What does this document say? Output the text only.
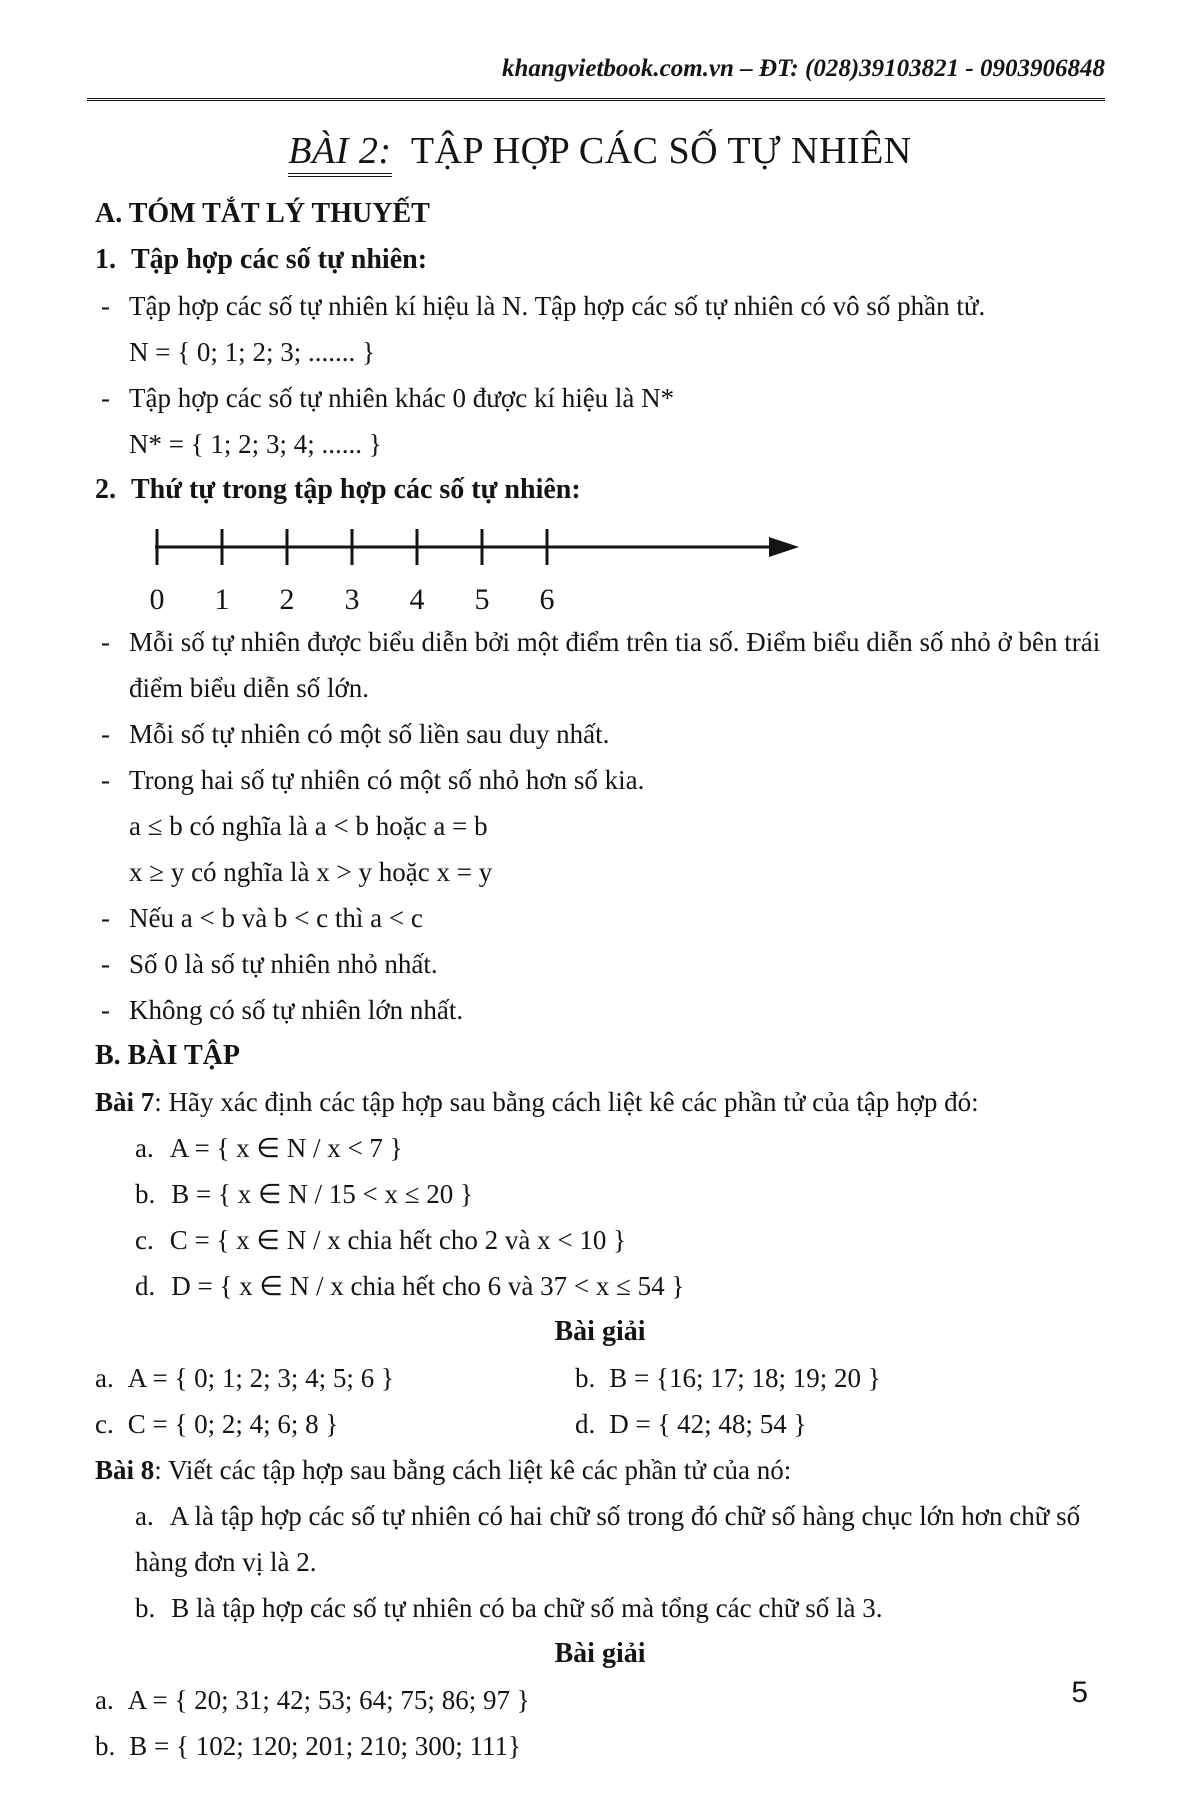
khangvietbook.com.vn – ĐT: (028)39103821 - 0903906848
BÀI 2: TẬP HỢP CÁC SỐ TỰ NHIÊN
A. TÓM TẮT LÝ THUYẾT
1. Tập hợp các số tự nhiên:
- Tập hợp các số tự nhiên kí hiệu là N. Tập hợp các số tự nhiên có vô số phần tử.
N = { 0; 1; 2; 3; ....... }
- Tập hợp các số tự nhiên khác 0 được kí hiệu là N*
N* = { 1; 2; 3; 4; ...... }
2. Thứ tự trong tập hợp các số tự nhiên:
0 1 2 3 4 5 6
- Mỗi số tự nhiên được biểu diễn bởi một điểm trên tia số. Điểm biểu diễn số nhỏ ở bên trái điểm biểu diễn số lớn.
- Mỗi số tự nhiên có một số liền sau duy nhất.
- Trong hai số tự nhiên có một số nhỏ hơn số kia.
a ≤ b có nghĩa là a < b hoặc a = b
x ≥ y có nghĩa là x > y hoặc x = y
- Nếu a < b và b < c thì a < c
- Số 0 là số tự nhiên nhỏ nhất.
- Không có số tự nhiên lớn nhất.
B. BÀI TẬP
Bài 7: Hãy xác định các tập hợp sau bằng cách liệt kê các phần tử của tập hợp đó:
a. A = { x ∈ N / x < 7 }
b. B = { x ∈ N / 15 < x ≤ 20 }
c. C = { x ∈ N / x chia hết cho 2 và x < 10 }
d. D = { x ∈ N / x chia hết cho 6 và 37 < x ≤ 54 }
Bài giải
a. A = { 0; 1; 2; 3; 4; 5; 6 }	b. B = {16; 17; 18; 19; 20 }
c. C = { 0; 2; 4; 6; 8 }	d. D = { 42; 48; 54 }
Bài 8: Viết các tập hợp sau bằng cách liệt kê các phần tử của nó:
a. A là tập hợp các số tự nhiên có hai chữ số trong đó chữ số hàng chục lớn hơn chữ số hàng đơn vị là 2.
b. B là tập hợp các số tự nhiên có ba chữ số mà tổng các chữ số là 3.
Bài giải
a. A = { 20; 31; 42; 53; 64; 75; 86; 97 }
b. B = { 102; 120; 201; 210; 300; 111}
5
